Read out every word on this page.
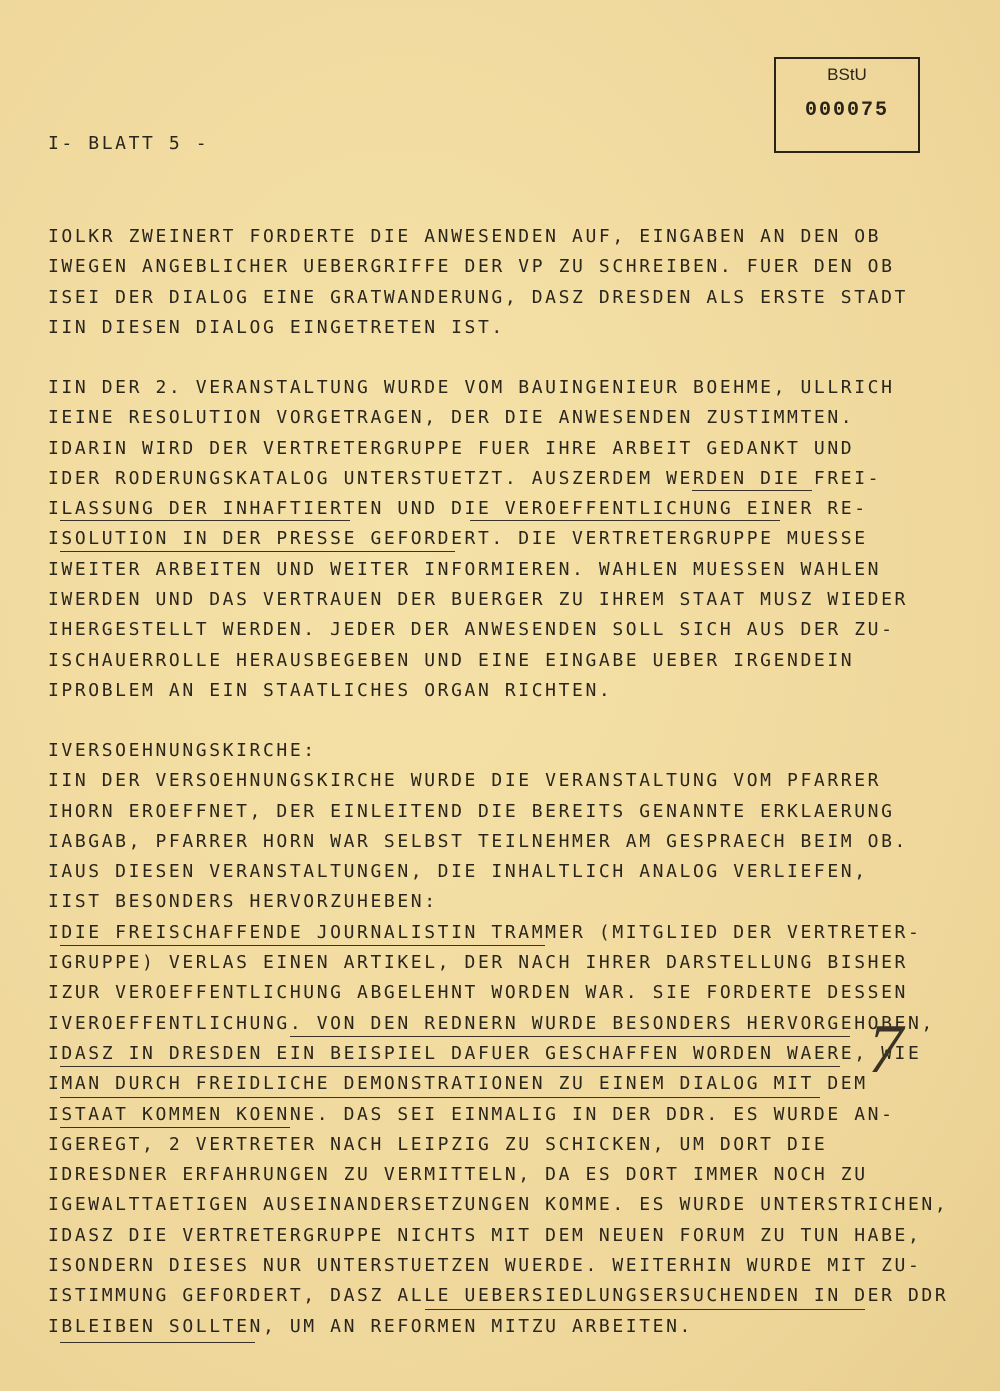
BStU
000075
I- BLATT 5 -
IOLKR ZWEINERT FORDERTE DIE ANWESENDEN AUF, EINGABEN AN DEN OB
IWEGEN ANGEBLICHER UEBERGRIFFE DER VP ZU SCHREIBEN. FUER DEN OB
ISEI DER DIALOG EINE GRATWANDERUNG, DASZ DRESDEN ALS ERSTE STADT
IIN DIESEN DIALOG EINGETRETEN IST.
IIN DER 2. VERANSTALTUNG WURDE VOM BAUINGENIEUR BOEHME, ULLRICH
IEINE RESOLUTION VORGETRAGEN, DER DIE ANWESENDEN ZUSTIMMTEN.
IDARIN WIRD DER VERTRETERGRUPPE FUER IHRE ARBEIT GEDANKT UND
IDER RODERUNGSKATALOG UNTERSTUETZT. AUSZERDEM WERDEN DIE FREI-
ILASSUNG DER INHAFTIERTEN UND DIE VEROEFFENTLICHUNG EINER RE-
ISOLUTION IN DER PRESSE GEFORDERT. DIE VERTRETERGRUPPE MUESSE
IWEITER ARBEITEN UND WEITER INFORMIEREN. WAHLEN MUESSEN WAHLEN
IWERDEN UND DAS VERTRAUEN DER BUERGER ZU IHREM STAAT MUSZ WIEDER
IHERGESTELLT WERDEN. JEDER DER ANWESENDEN SOLL SICH AUS DER ZU-
ISCHAUERROLLE HERAUSBEGEBEN UND EINE EINGABE UEBER IRGENDEIN
IPROBLEM AN EIN STAATLICHES ORGAN RICHTEN.
IVERSOEHNUNGSKIRCHE:
IIN DER VERSOEHNUNGSKIRCHE WURDE DIE VERANSTALTUNG VOM PFARRER
IHORN EROEFFNET, DER EINLEITEND DIE BEREITS GENANNTE ERKLAERUNG
IABGAB, PFARRER HORN WAR SELBST TEILNEHMER AM GESPRAECH BEIM OB.
IAUS DIESEN VERANSTALTUNGEN, DIE INHALTLICH ANALOG VERLIEFEN,
IIST BESONDERS HERVORZUHEBEN:
IDIE FREISCHAFFENDE JOURNALISTIN TRAMMER (MITGLIED DER VERTRETER-
IGRUPPE) VERLAS EINEN ARTIKEL, DER NACH IHRER DARSTELLUNG BISHER
IZUR VEROEFFENTLICHUNG ABGELEHNT WORDEN WAR. SIE FORDERTE DESSEN
IVEROEFFENTLICHUNG. VON DEN REDNERN WURDE BESONDERS HERVORGEHOBEN,
IDASZ IN DRESDEN EIN BEISPIEL DAFUER GESCHAFFEN WORDEN WAERE, WIE
IMAN DURCH FREIDLICHE DEMONSTRATIONEN ZU EINEM DIALOG MIT DEM
ISTAAT KOMMEN KOENNE. DAS SEI EINMALIG IN DER DDR. ES WURDE AN-
IGEREGT, 2 VERTRETER NACH LEIPZIG ZU SCHICKEN, UM DORT DIE
IDRESDNER ERFAHRUNGEN ZU VERMITTELN, DA ES DORT IMMER NOCH ZU
IGEWALTTAETIGEN AUSEINANDERSETZUNGEN KOMME. ES WURDE UNTERSTRICHEN,
IDASZ DIE VERTRETERGRUPPE NICHTS MIT DEM NEUEN FORUM ZU TUN HABE,
ISONDERN DIESES NUR UNTERSTUETZEN WUERDE. WEITERHIN WURDE MIT ZU-
ISTIMMUNG GEFORDERT, DASZ ALLE UEBERSIEDLUNGSERSUCHENDEN IN DER DDR
IBLEIBEN SOLLTEN, UM AN REFORMEN MITZU ARBEITEN.
7
